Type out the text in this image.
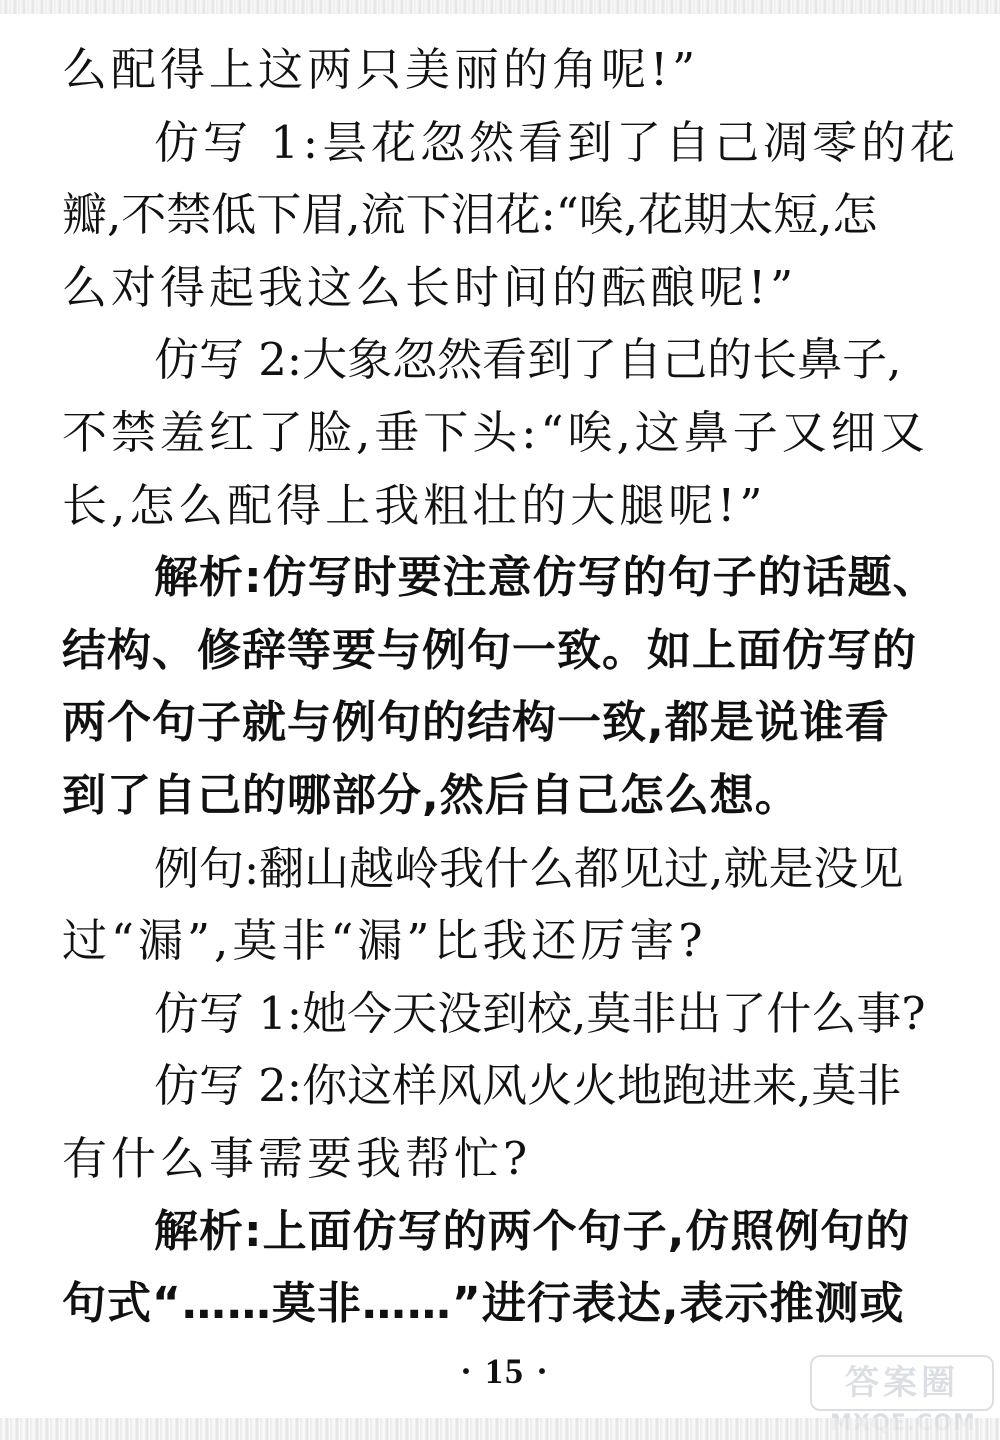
么配得上这两只美丽的角呢!”
仿写 1:昙花忽然看到了自己凋零的花
瓣,不禁低下眉,流下泪花:“唉,花期太短,怎
么对得起我这么长时间的酝酿呢!”
仿写 2:大象忽然看到了自己的长鼻子,
不禁羞红了脸,垂下头:“唉,这鼻子又细又
长,怎么配得上我粗壮的大腿呢!”
解析:仿写时要注意仿写的句子的话题、
结构、修辞等要与例句一致。如上面仿写的
两个句子就与例句的结构一致,都是说谁看
到了自己的哪部分,然后自己怎么想。
例句:翻山越岭我什么都见过,就是没见
过“漏”,莫非“漏”比我还厉害?
仿写 1:她今天没到校,莫非出了什么事?
仿写 2:你这样风风火火地跑进来,莫非
有什么事需要我帮忙?
解析:上面仿写的两个句子,仿照例句的
句式“……莫非……”进行表达,表示推测或
· 15 ·	答案圈
